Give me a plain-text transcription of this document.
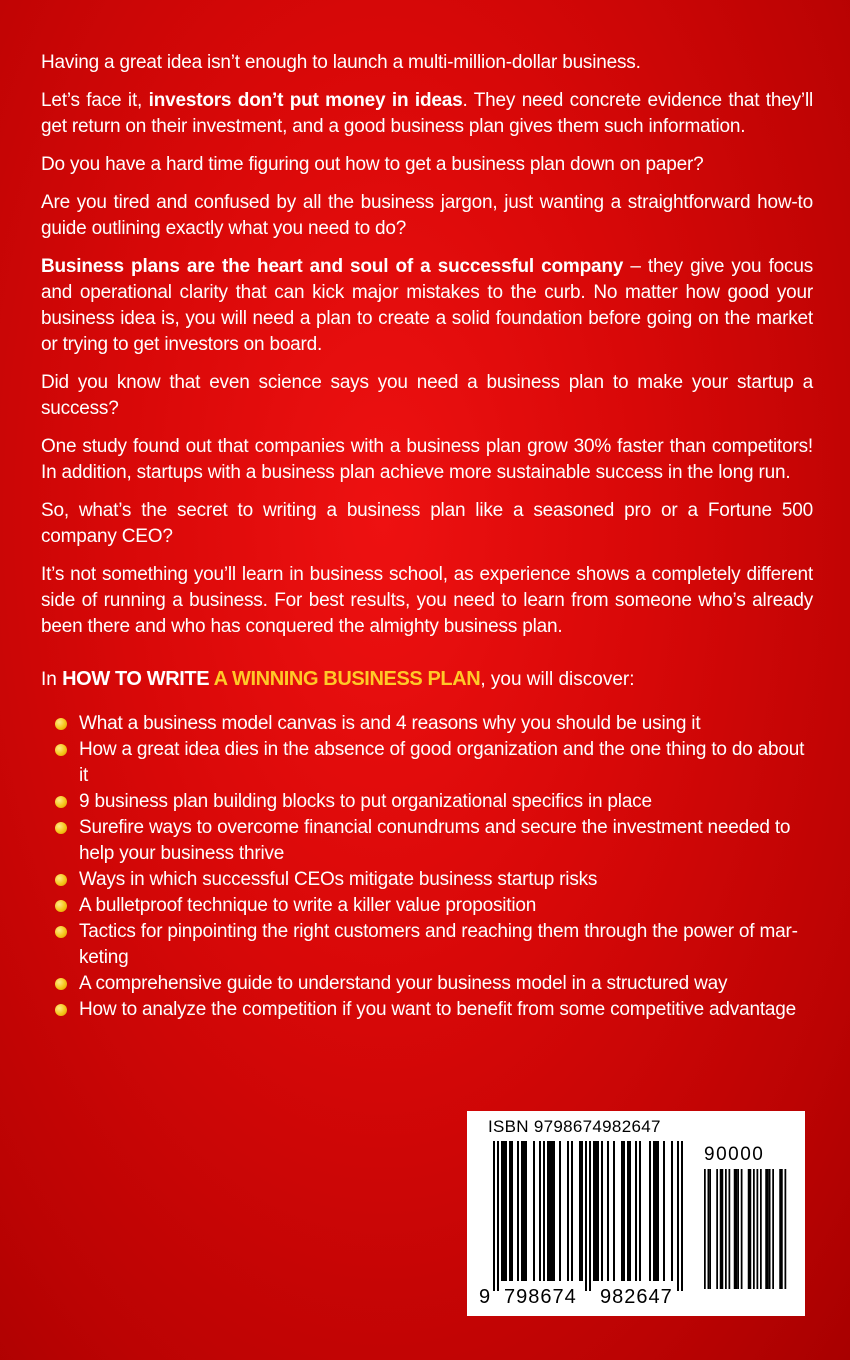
Having a great idea isn’t enough to launch a multi-million-dollar business.

Let’s face it, investors don’t put money in ideas. They need concrete evidence that they’ll get return on their investment, and a good business plan gives them such information.

Do you have a hard time figuring out how to get a business plan down on paper?

Are you tired and confused by all the business jargon, just wanting a straightforward how-to guide outlining exactly what you need to do?

Business plans are the heart and soul of a successful company – they give you focus and operational clarity that can kick major mistakes to the curb. No matter how good your business idea is, you will need a plan to create a solid foundation before going on the market or trying to get investors on board.

Did you know that even science says you need a business plan to make your startup a success?

One study found out that companies with a business plan grow 30% faster than competitors! In addition, startups with a business plan achieve more sustainable success in the long run.

So, what’s the secret to writing a business plan like a seasoned pro or a Fortune 500 company CEO?

It’s not something you’ll learn in business school, as experience shows a completely different side of running a business. For best results, you need to learn from someone who’s already been there and who has conquered the almighty business plan.

In HOW TO WRITE A WINNING BUSINESS PLAN, you will discover:
What a business model canvas is and 4 reasons why you should be using it
How a great idea dies in the absence of good organization and the one thing to do about it
9 business plan building blocks to put organizational specifics in place
Surefire ways to overcome financial conundrums and secure the investment needed to help your business thrive
Ways in which successful CEOs mitigate business startup risks
A bulletproof technique to write a killer value proposition
Tactics for pinpointing the right customers and reaching them through the power of mar-keting
A comprehensive guide to understand your business model in a structured way
How to analyze the competition if you want to benefit from some competitive advantage
ISBN 9798674982647
90000
9 798674 982647
